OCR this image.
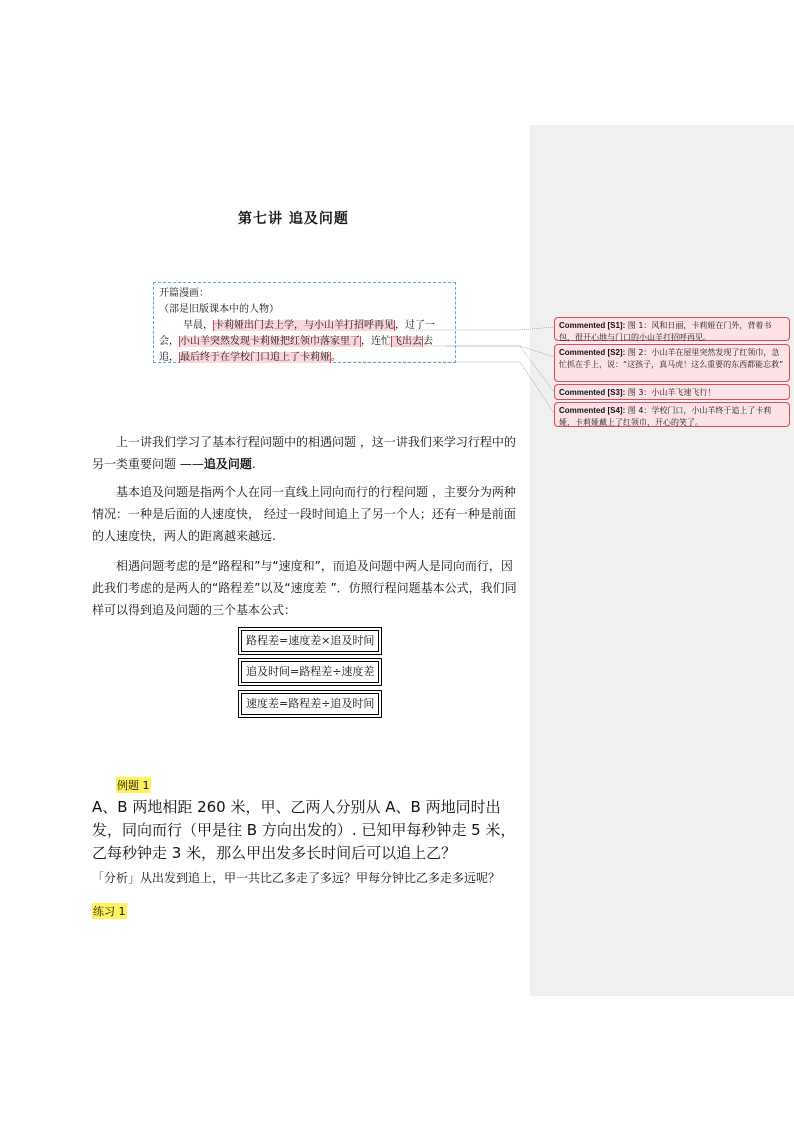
第七讲 追及问题
开篇漫画：
（部是旧版课本中的人物）
早晨，卡莉娅出门去上学，与小山羊打招呼再见，过了一
会，小山羊突然发现卡莉娅把红领巾落家里了，连忙飞出去去
追，最后终于在学校门口追上了卡莉娅。
Commented [S1]: 图 1：风和日丽，卡莉娅在门外，背着书包，很开心地与门口的小山羊打招呼再见。
Commented [S2]: 图 2：小山羊在屋里突然发现了红领巾，急忙抓在手上，说：“这孩子，真马虎！这么重要的东西都能忘救”
Commented [S3]: 图 3：小山羊飞速飞行！
Commented [S4]: 图 4：学校门口，小山羊终于追上了卡莉娅，卡莉娅戴上了红领巾，开心的笑了。

上一讲我们学习了基本行程问题中的相遇问题 ，这一讲我们来学习行程中的另一类重要问题 ——追及问题.

基本追及问题是指两个人在同一直线上同向而行的行程问题 ，主要分为两种情况：一种是后面的人速度快， 经过一段时间追上了另一个人；还有一种是前面的人速度快，两人的距离越来越远.

相遇问题考虑的是“路程和”与“速度和”，而追及问题中两人是同向而行，因此我们考虑的是两人的“路程差”以及“速度差 ”．仿照行程问题基本公式，我们同样可以得到追及问题的三个基本公式：

路程差=速度差×追及时间
追及时间=路程差÷速度差
速度差=路程差÷追及时间
例题 1
A、B 两地相距 260 米，甲、乙两人分别从 A、B 两地同时出发，同向而行（甲是往 B 方向出发的）. 已知甲每秒钟走 5 米，乙每秒钟走 3 米，那么甲出发多长时间后可以追上乙？
「分析」从出发到追上，甲一共比乙多走了多远？甲每分钟比乙多走多远呢？
练习 1
